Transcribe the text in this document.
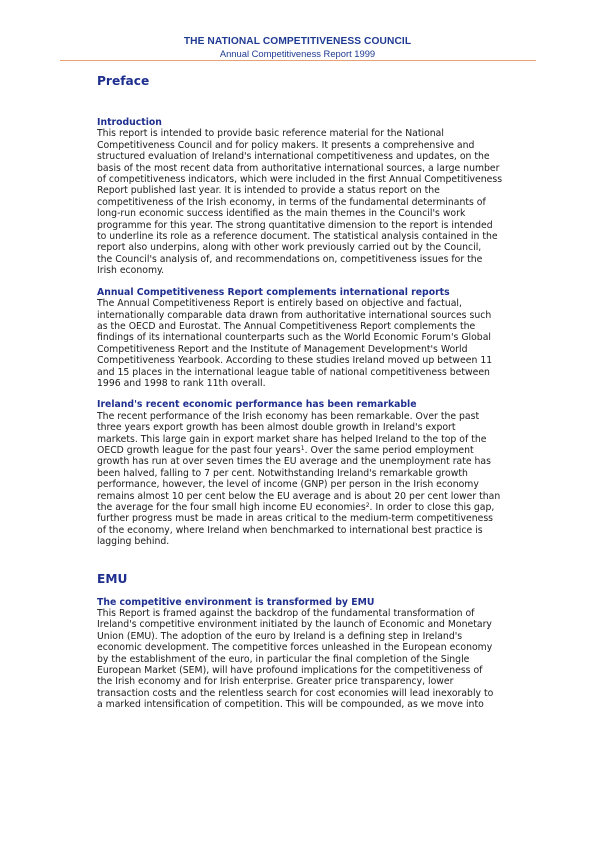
THE NATIONAL COMPETITIVENESS COUNCIL
Annual Competitiveness Report 1999
Preface
Introduction
This report is intended to provide basic reference material for the National
Competitiveness Council and for policy makers. It presents a comprehensive and
structured evaluation of Ireland's international competitiveness and updates, on the
basis of the most recent data from authoritative international sources, a large number
of competitiveness indicators, which were included in the first Annual Competitiveness
Report published last year. It is intended to provide a status report on the
competitiveness of the Irish economy, in terms of the fundamental determinants of
long-run economic success identified as the main themes in the Council's work
programme for this year. The strong quantitative dimension to the report is intended
to underline its role as a reference document. The statistical analysis contained in the
report also underpins, along with other work previously carried out by the Council,
the Council's analysis of, and recommendations on, competitiveness issues for the
Irish economy.
Annual Competitiveness Report complements international reports
The Annual Competitiveness Report is entirely based on objective and factual,
internationally comparable data drawn from authoritative international sources such
as the OECD and Eurostat. The Annual Competitiveness Report complements the
findings of its international counterparts such as the World Economic Forum's Global
Competitiveness Report and the Institute of Management Development's World
Competitiveness Yearbook. According to these studies Ireland moved up between 11
and 15 places in the international league table of national competitiveness between
1996 and 1998 to rank 11th overall.
Ireland's recent economic performance has been remarkable
The recent performance of the Irish economy has been remarkable. Over the past
three years export growth has been almost double growth in Ireland's export
markets. This large gain in export market share has helped Ireland to the top of the
OECD growth league for the past four years$^1$. Over the same period employment
growth has run at over seven times the EU average and the unemployment rate has
been halved, falling to 7 per cent. Notwithstanding Ireland's remarkable growth
performance, however, the level of income (GNP) per person in the Irish economy
remains almost 10 per cent below the EU average and is about 20 per cent lower than
the average for the four small high income EU economies$^2$. In order to close this gap,
further progress must be made in areas critical to the medium-term competitiveness
of the economy, where Ireland when benchmarked to international best practice is
lagging behind.
EMU
The competitive environment is transformed by EMU
This Report is framed against the backdrop of the fundamental transformation of
Ireland's competitive environment initiated by the launch of Economic and Monetary
Union (EMU). The adoption of the euro by Ireland is a defining step in Ireland's
economic development. The competitive forces unleashed in the European economy
by the establishment of the euro, in particular the final completion of the Single
European Market (SEM), will have profound implications for the competitiveness of
the Irish economy and for Irish enterprise. Greater price transparency, lower
transaction costs and the relentless search for cost economies will lead inexorably to
a marked intensification of competition. This will be compounded, as we move into
